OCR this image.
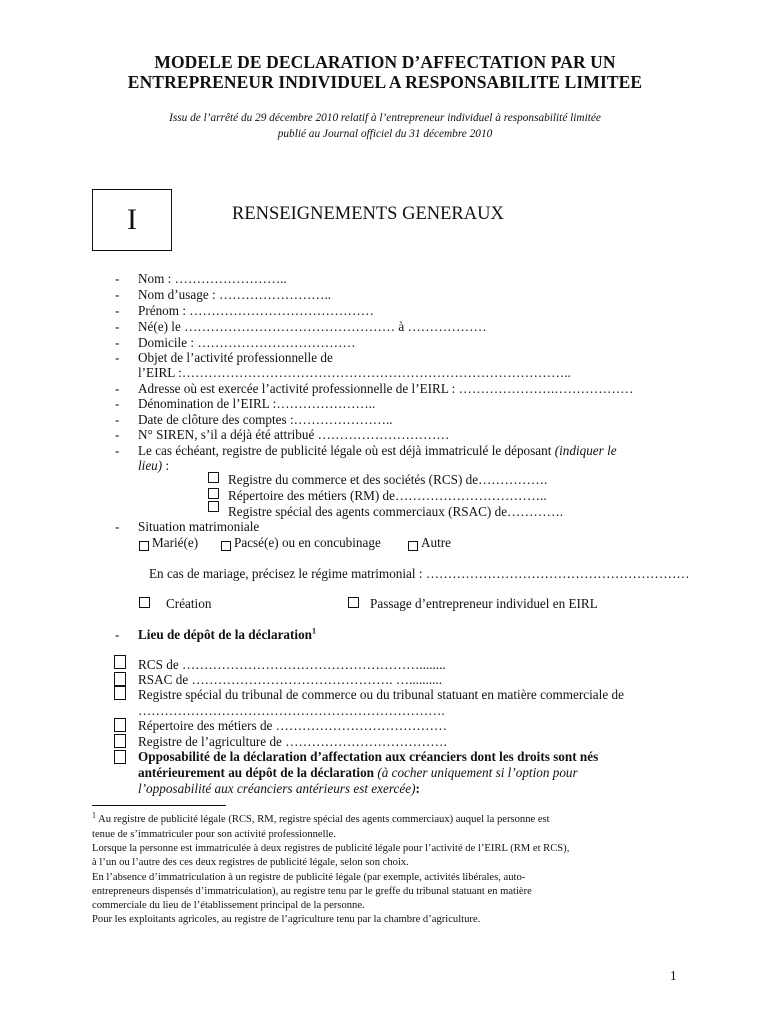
MODELE DE DECLARATION D’AFFECTATION PAR UN
ENTREPRENEUR INDIVIDUEL A RESPONSABILITE LIMITEE
Issu de l’arrêté du 29 décembre 2010 relatif à l’entrepreneur individuel à responsabilité limitée
publié au Journal officiel du 31 décembre 2010
I	RENSEIGNEMENTS GENERAUX
- Nom : ……………………..
- Nom d’usage : ……………………..
- Prénom : ……………………………………
- Né(e) le ………………………………………… à ………………
- Domicile : ………………………………
- Objet de l’activité professionnelle de
l’EIRL :……………………………………………………………………………..
- Adresse où est exercée l’activité professionnelle de l’EIRL : ………………….………………
- Dénomination de l’EIRL :…………………..
- Date de clôture des comptes :…………………..
- N° SIREN, s’il a déjà été attribué …………………………
- Le cas échéant, registre de publicité légale où est déjà immatriculé le déposant (indiquer le
lieu) :
Registre du commerce et des sociétés (RCS) de…………….
Répertoire des métiers (RM) de……………………………..
Registre spécial des agents commerciaux (RSAC) de………….
- Situation matrimoniale
Marié(e)	Pacsé(e) ou en concubinage	Autre
En cas de mariage, précisez le régime matrimonial : ……………………………………………………
Création	Passage d’entrepreneur individuel en EIRL
- Lieu de dépôt de la déclaration$^1$
RCS de ………………………………………………........
RSAC de ………………………………………. …..........
Registre spécial du tribunal de commerce ou du tribunal statuant en matière commerciale de
…………………………………………………………….
Répertoire des métiers de …………………………………
Registre de l’agriculture de ……………………………….
Opposabilité de la déclaration d’affectation aux créanciers dont les droits sont nés
antérieurement au dépôt de la déclaration (à cocher uniquement si l’option pour
l’opposabilité aux créanciers antérieurs est exercée):
$^1$ Au registre de publicité légale (RCS, RM, registre spécial des agents commerciaux) auquel la personne est
tenue de s’immatriculer pour son activité professionnelle.
Lorsque la personne est immatriculée à deux registres de publicité légale pour l’activité de l’EIRL (RM et RCS),
à l’un ou l’autre des ces deux registres de publicité légale, selon son choix.
En l’absence d’immatriculation à un registre de publicité légale (par exemple, activités libérales, auto-
entrepreneurs dispensés d’immatriculation), au registre tenu par le greffe du tribunal statuant en matière
commerciale du lieu de l’établissement principal de la personne.
Pour les exploitants agricoles, au registre de l’agriculture tenu par la chambre d’agriculture.
1
